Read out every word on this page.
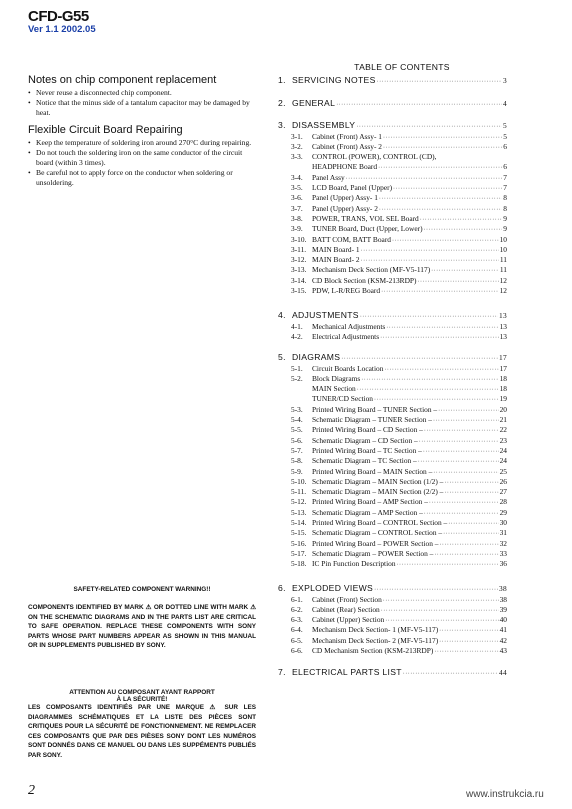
CFD-G55
Ver 1.1 2002.05
Notes on chip component replacement
• Never reuse a disconnected chip component.
• Notice that the minus side of a tantalum capacitor may be damaged by heat.
Flexible Circuit Board Repairing
• Keep the temperature of soldering iron around 270°C during repairing.
• Do not touch the soldering iron on the same conductor of the circuit board (within 3 times).
• Be careful not to apply force on the conductor when soldering or unsoldering.
SAFETY-RELATED COMPONENT WARNING!!
COMPONENTS IDENTIFIED BY MARK ⚠ OR DOTTED LINE WITH MARK ⚠ ON THE SCHEMATIC DIAGRAMS AND IN THE PARTS LIST ARE CRITICAL TO SAFE OPERATION. REPLACE THESE COMPONENTS WITH SONY PARTS WHOSE PART NUMBERS APPEAR AS SHOWN IN THIS MANUAL OR IN SUPPLEMENTS PUBLISHED BY SONY.
ATTENTION AU COMPOSANT AYANT RAPPORT
À LA SÉCURITÉ!
LES COMPOSANTS IDENTIFIÉS PAR UNE MARQUE ⚠ SUR LES DIAGRAMMES SCHÉMATIQUES ET LA LISTE DES PIÈCES SONT CRITIQUES POUR LA SÉCURITÉ DE FONCTIONNEMENT. NE REMPLACER CES COMPOSANTS QUE PAR DES PIÈSES SONY DONT LES NUMÉROS SONT DONNÉS DANS CE MANUEL OU DANS LES SUPPÉMENTS PUBLIÉS PAR SONY.
TABLE OF CONTENTS
1. SERVICING NOTES ·····	3
2. GENERAL ·····	4
3. DISASSEMBLY ·····	5
3-1.	Cabinet (Front) Assy- 1 ·····	5
3-2.	Cabinet (Front) Assy- 2 ·····	6
3-3.	CONTROL (POWER), CONTROL (CD),
HEADPHONE Board ·····	6
3-4.	Panel Assy ·····	7
3-5.	LCD Board, Panel (Upper) ·····	7
3-6.	Panel (Upper) Assy- 1 ·····	8
3-7.	Panel (Upper) Assy- 2 ·····	8
3-8.	POWER, TRANS, VOL SEL Board ·····	9
3-9.	TUNER Board, Duct (Upper, Lower) ·····	9
3-10. BATT COM, BATT Board ·····	10
3-11. MAIN Board- 1 ·····	10
3-12. MAIN Board- 2 ·····	11
3-13. Mechanism Deck Section (MF-V5-117) ·····	11
3-14. CD Block Section (KSM-213RDP) ·····	12
3-15. PDW, L-R/REG Board ·····	12
4. ADJUSTMENTS ·····	13
4-1.	Mechanical Adjustments ·····	13
4-2.	Electrical Adjustments ·····	13
5. DIAGRAMS ·····	17
5-1.	Circuit Boards Location ·····	17
5-2.	Block Diagrams ·····	18
MAIN Section ·····	18
TUNER/CD Section ·····	19
5-3.	Printed Wiring Board – TUNER Section – ·····	20
5-4.	Schematic Diagram – TUNER Section – ·····	21
5-5.	Printed Wiring Board – CD Section – ·····	22
5-6.	Schematic Diagram – CD Section – ·····	23
5-7.	Printed Wiring Board – TC Section – ·····	24
5-8.	Schematic Diagram – TC Section – ·····	24
5-9.	Printed Wiring Board – MAIN Section – ·····	25
5-10. Schematic Diagram – MAIN Section (1/2) – ·····	26
5-11. Schematic Diagram – MAIN Section (2/2) – ·····	27
5-12. Printed Wiring Board – AMP Section – ·····	28
5-13. Schematic Diagram – AMP Section – ·····	29
5-14. Printed Wiring Board – CONTROL Section – ·····	30
5-15. Schematic Diagram – CONTROL Section – ·····	31
5-16. Printed Wiring Board – POWER Section – ·····	32
5-17. Schematic Diagram – POWER Section – ·····	33
5-18. IC Pin Function Description ·····	36
6. EXPLODED VIEWS ·····	38
6-1.	Cabinet (Front) Section ·····	38
6-2.	Cabinet (Rear) Section ·····	39
6-3.	Cabinet (Upper) Section ·····	40
6-4.	Mechanism Deck Section- 1 (MF-V5-117) ·····	41
6-5.	Mechanism Deck Section- 2 (MF-V5-117) ·····	42
6-6.	CD Mechanism Section (KSM-213RDP) ·····	43
7. ELECTRICAL PARTS LIST ·····	44
2	www.instrukcia.ru
